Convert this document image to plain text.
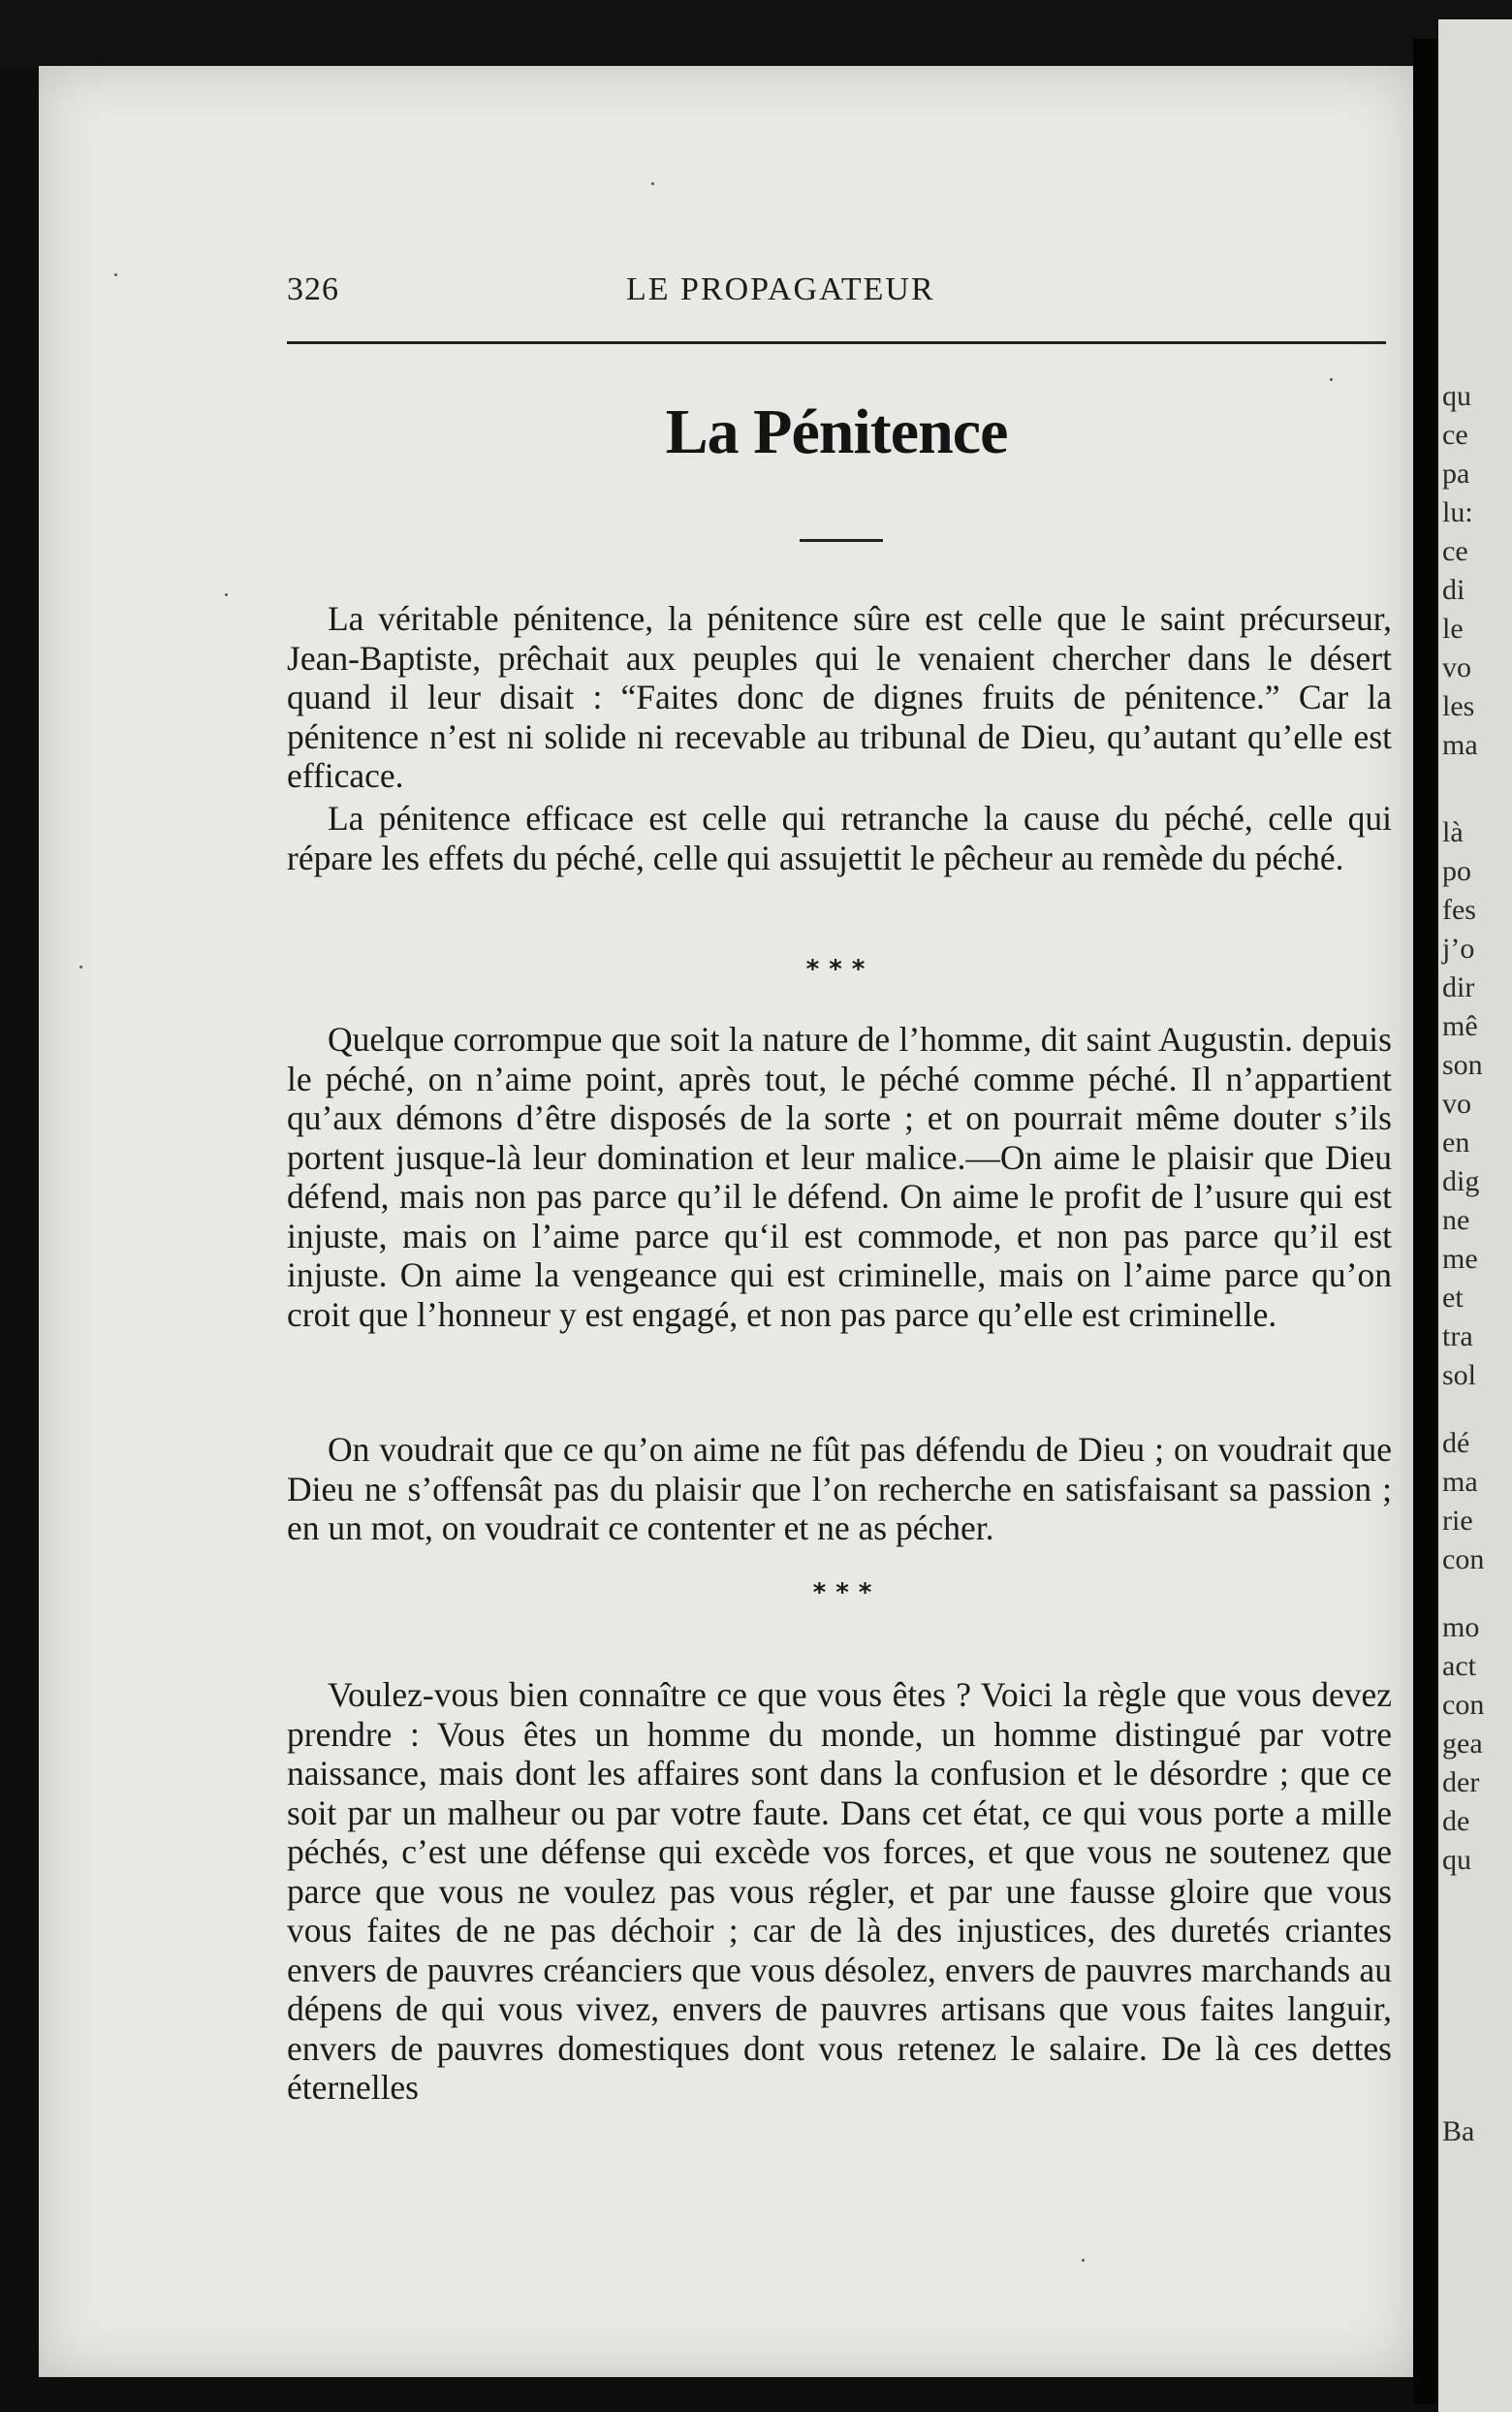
qu
ce
pa
lu:
ce
di
le
vo
les
ma
là
po
fes
j’o
dir
mê
son
vo
en
dig
ne
me
et
tra
sol
dé
ma
rie
con
mo
act
con
gea
der
de
qu
Ba
326	LE PROPAGATEUR
La Pénitence

La véritable pénitence, la pénitence sûre est celle que le saint précurseur, Jean-Baptiste, prêchait aux peuples qui le venaient chercher dans le désert quand il leur disait : “Faites donc de dignes fruits de pénitence.” Car la pénitence n’est ni solide ni recevable au tribunal de Dieu, qu’autant qu’elle est efficace.

La pénitence efficace est celle qui retranche la cause du péché, celle qui répare les effets du péché, celle qui assujettit le pêcheur au remède du péché.

***

Quelque corrompue que soit la nature de l’homme, dit saint Augustin. depuis le péché, on n’aime point, après tout, le péché comme péché. Il n’appartient qu’aux démons d’être disposés de la sorte ; et on pourrait même douter s’ils portent jusque-là leur domination et leur malice.—On aime le plaisir que Dieu défend, mais non pas parce qu’il le défend. On aime le profit de l’usure qui est injuste, mais on l’aime parce qu‘il est commode, et non pas parce qu’il est injuste. On aime la vengeance qui est criminelle, mais on l’aime parce qu’on croit que l’honneur y est engagé, et non pas parce qu’elle est criminelle.

On voudrait que ce qu’on aime ne fût pas défendu de Dieu ; on voudrait que Dieu ne s’offensât pas du plaisir que l’on recherche en satisfaisant sa passion ; en un mot, on voudrait ce contenter et ne as pécher.

***

Voulez-vous bien connaître ce que vous êtes ? Voici la règle que vous devez prendre : Vous êtes un homme du monde, un homme distingué par votre naissance, mais dont les affaires sont dans la confusion et le désordre ; que ce soit par un malheur ou par votre faute. Dans cet état, ce qui vous porte a mille péchés, c’est une défense qui excède vos forces, et que vous ne soutenez que parce que vous ne voulez pas vous régler, et par une fausse gloire que vous vous faites de ne pas déchoir ; car de là des injustices, des duretés criantes envers de pauvres créanciers que vous désolez, envers de pauvres marchands au dépens de qui vous vivez, envers de pauvres artisans que vous faites languir, envers de pauvres domestiques dont vous retenez le salaire. De là ces dettes éternelles
